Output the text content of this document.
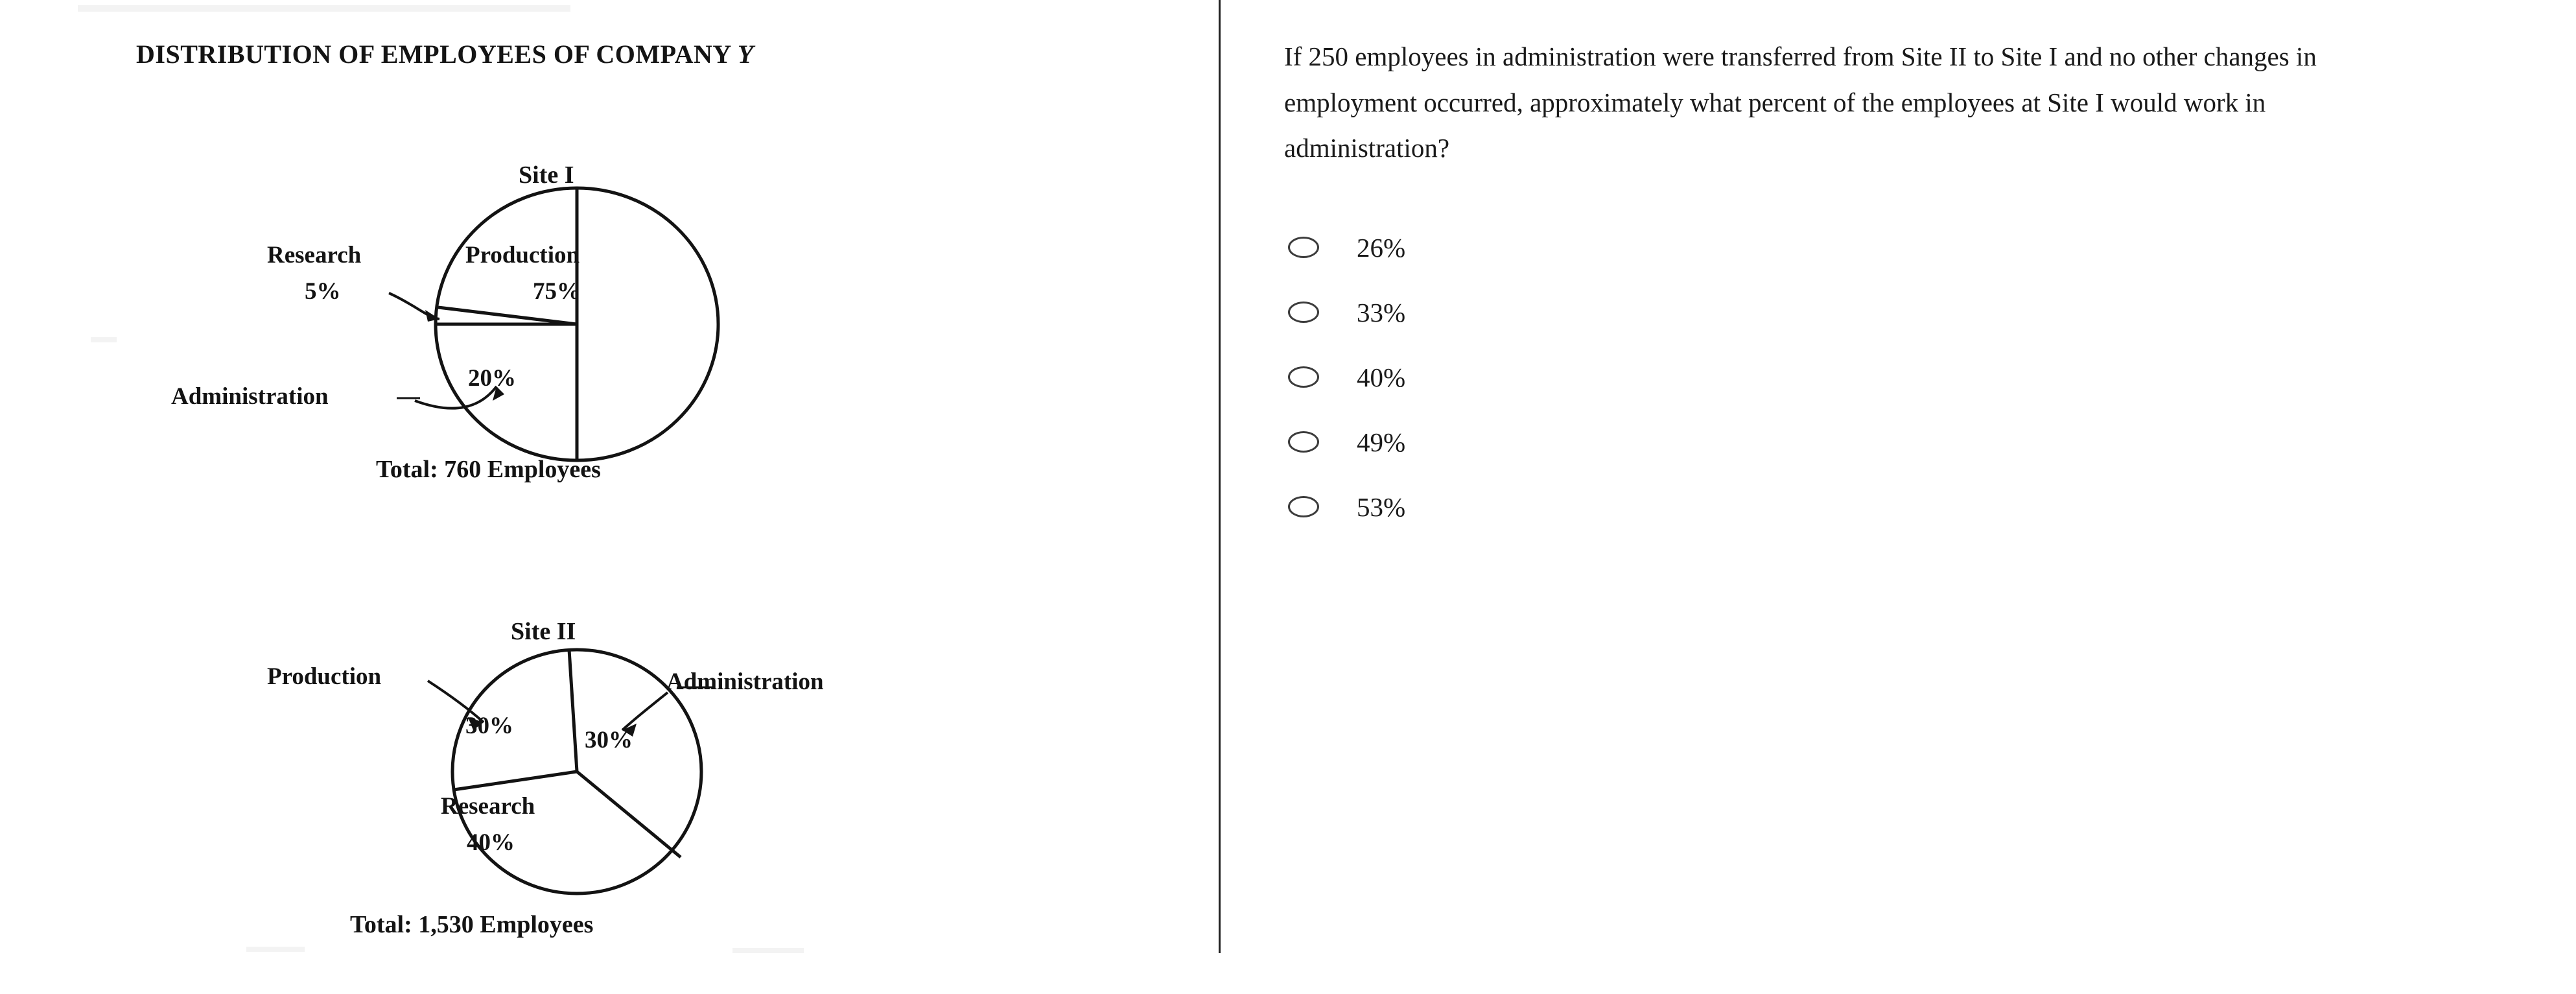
DISTRIBUTION OF EMPLOYEES OF COMPANY Y
Site I
Research
5%
Production
75%
Administration
20%
Total: 760 Employees
Site II
Production
30%
Administration
30%
Research
40%
Total: 1,530 Employees
If 250 employees in administration were transferred from Site II to Site I and no other changes in employment occurred, approximately what percent of the employees at Site I would work in administration?
26%
33%
40%
49%
53%
